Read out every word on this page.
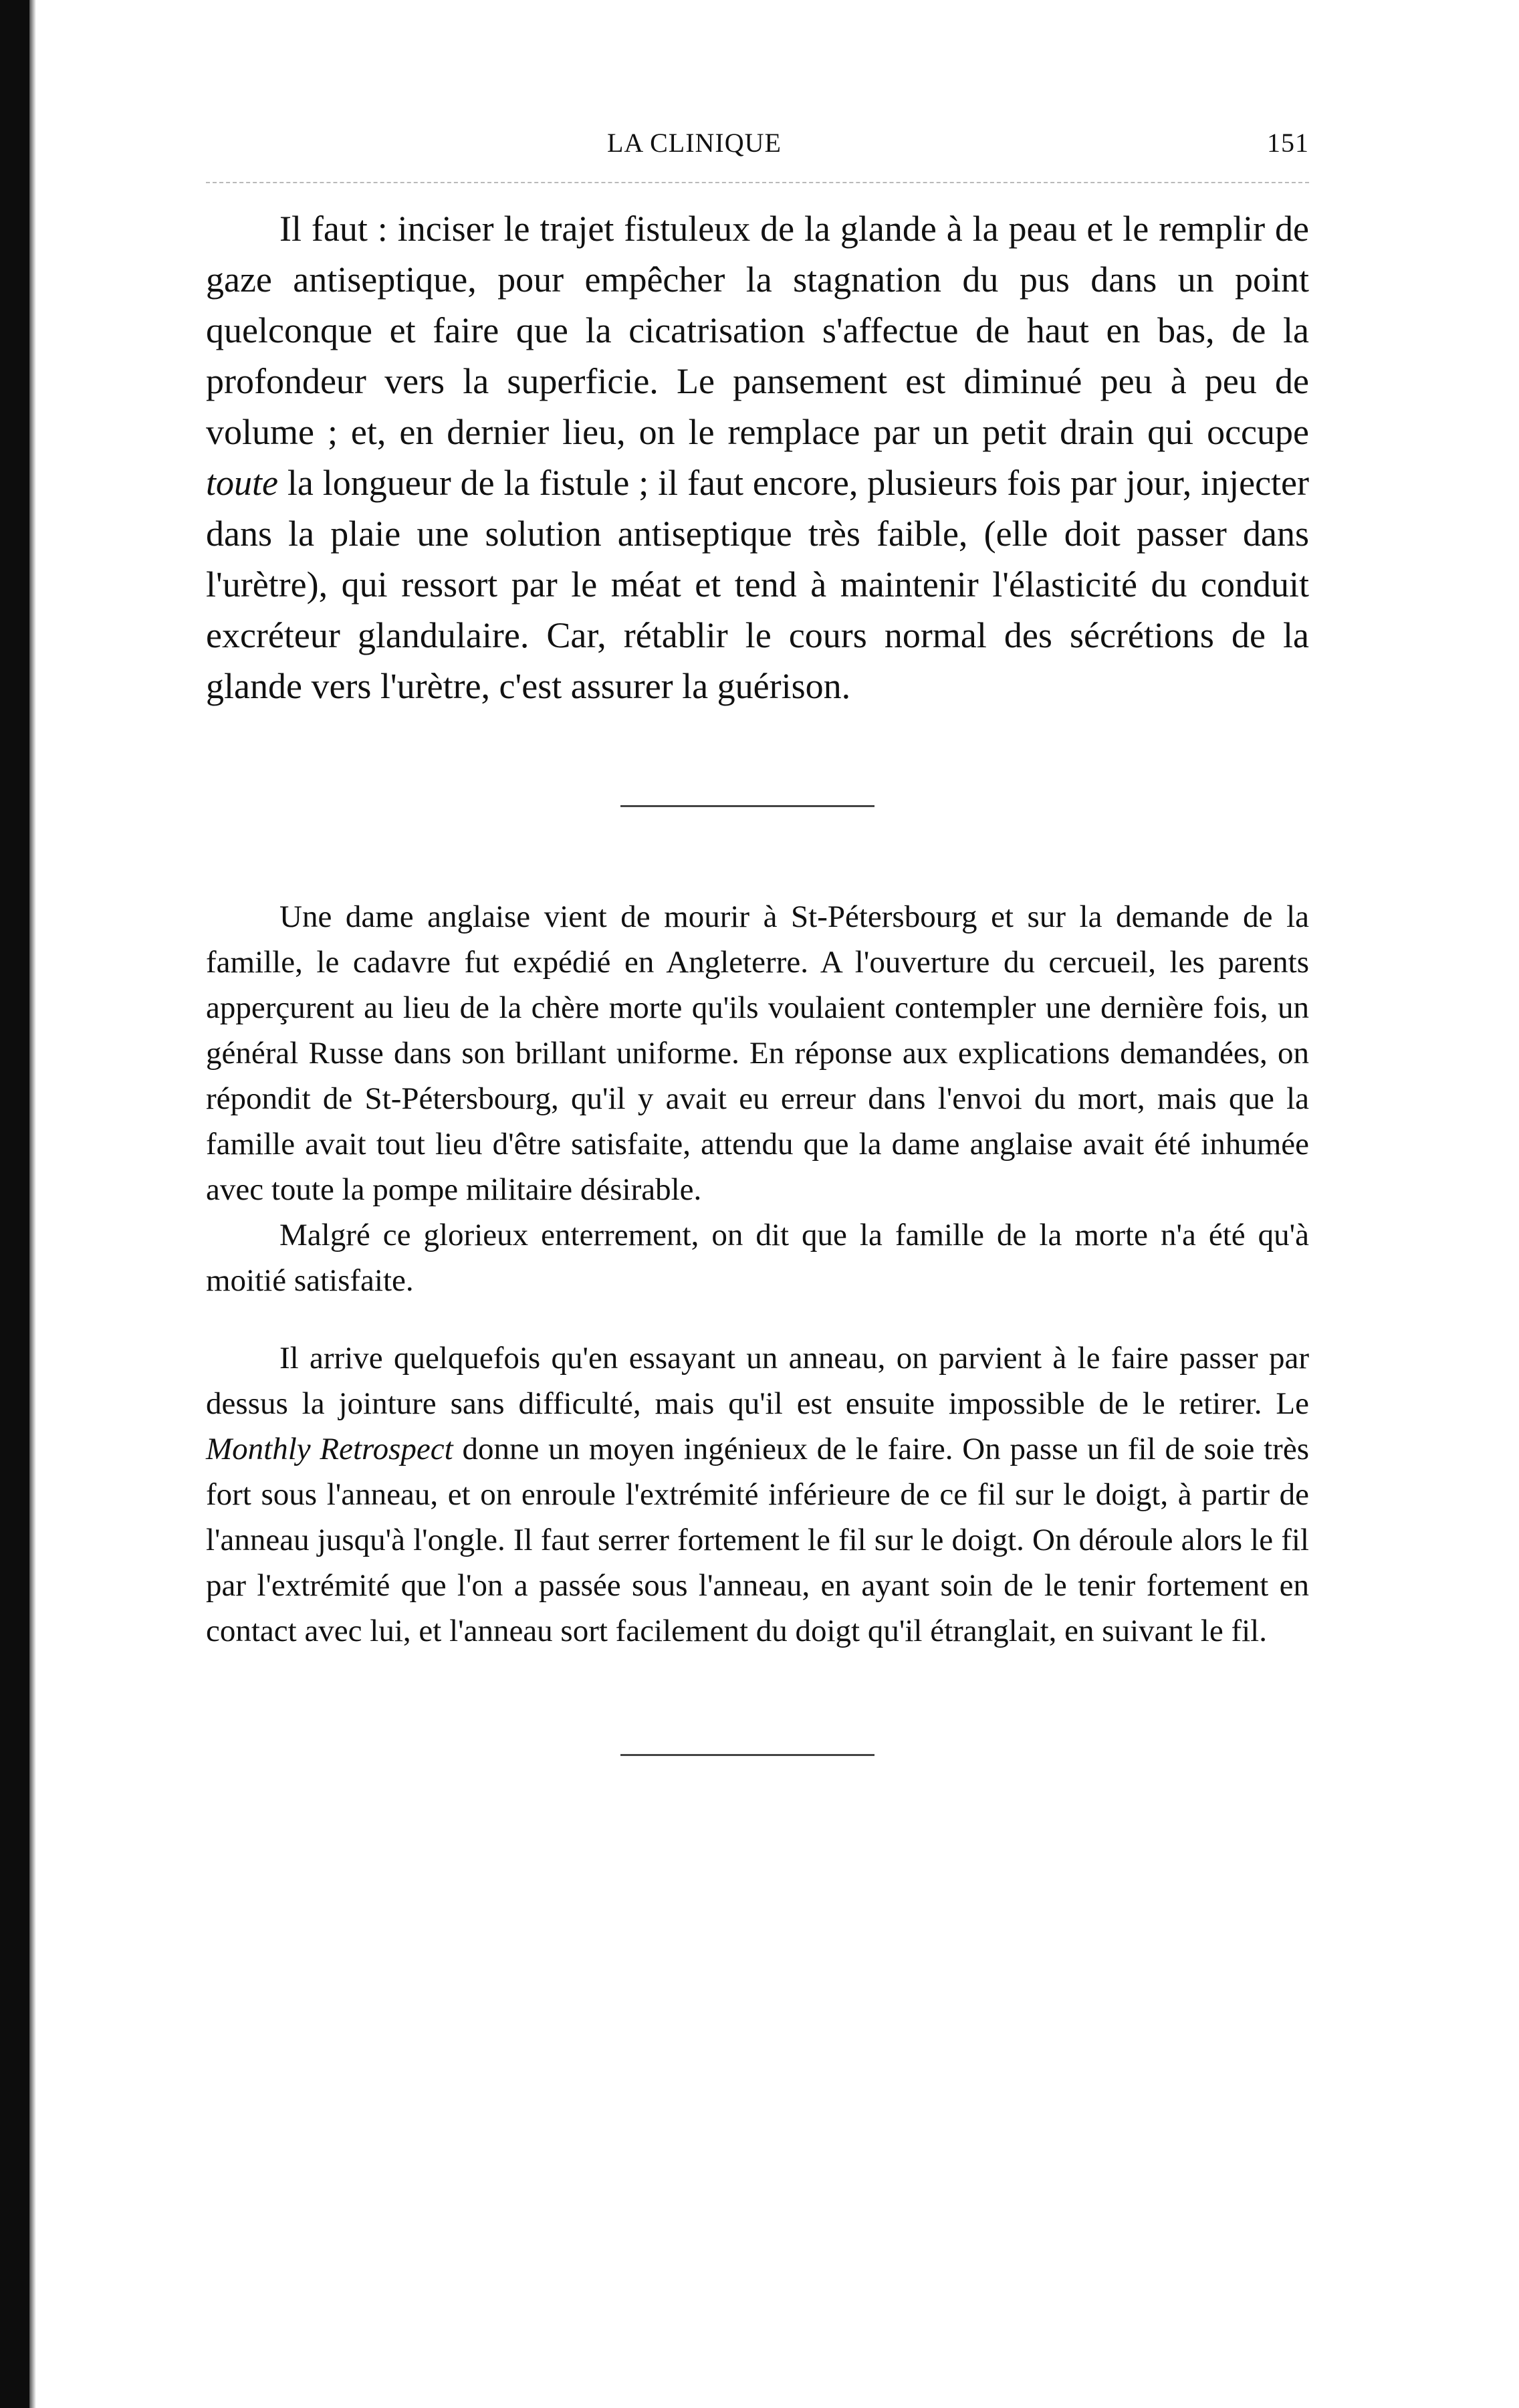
LA CLINIQUE	151

Il faut : inciser le trajet fistuleux de la glande à la peau et le remplir de gaze antiseptique, pour empêcher la stagnation du pus dans un point quelconque et faire que la cicatrisation s'affectue de haut en bas, de la profondeur vers la superficie. Le pansement est diminué peu à peu de volume ; et, en dernier lieu, on le remplace par un petit drain qui occupe toute la longueur de la fistule ; il faut encore, plusieurs fois par jour, injecter dans la plaie une solution antiseptique très faible, (elle doit passer dans l'urètre), qui ressort par le méat et tend à maintenir l'élasticité du conduit excréteur glandulaire. Car, rétablir le cours normal des sécrétions de la glande vers l'urètre, c'est assurer la guérison.

Une dame anglaise vient de mourir à St-Pétersbourg et sur la demande de la famille, le cadavre fut expédié en Angleterre. A l'ouverture du cercueil, les parents apperçurent au lieu de la chère morte qu'ils voulaient contempler une dernière fois, un général Russe dans son brillant uniforme. En réponse aux explications demandées, on répondit de St-Pétersbourg, qu'il y avait eu erreur dans l'envoi du mort, mais que la famille avait tout lieu d'être satisfaite, attendu que la dame anglaise avait été inhumée avec toute la pompe militaire désirable.

Malgré ce glorieux enterrement, on dit que la famille de la morte n'a été qu'à moitié satisfaite.

Il arrive quelquefois qu'en essayant un anneau, on parvient à le faire passer par dessus la jointure sans difficulté, mais qu'il est ensuite impossible de le retirer. Le Monthly Retrospect donne un moyen ingénieux de le faire. On passe un fil de soie très fort sous l'anneau, et on enroule l'extrémité inférieure de ce fil sur le doigt, à partir de l'anneau jusqu'à l'ongle. Il faut serrer fortement le fil sur le doigt. On déroule alors le fil par l'extrémité que l'on a passée sous l'anneau, en ayant soin de le tenir fortement en contact avec lui, et l'anneau sort facilement du doigt qu'il étranglait, en suivant le fil.
